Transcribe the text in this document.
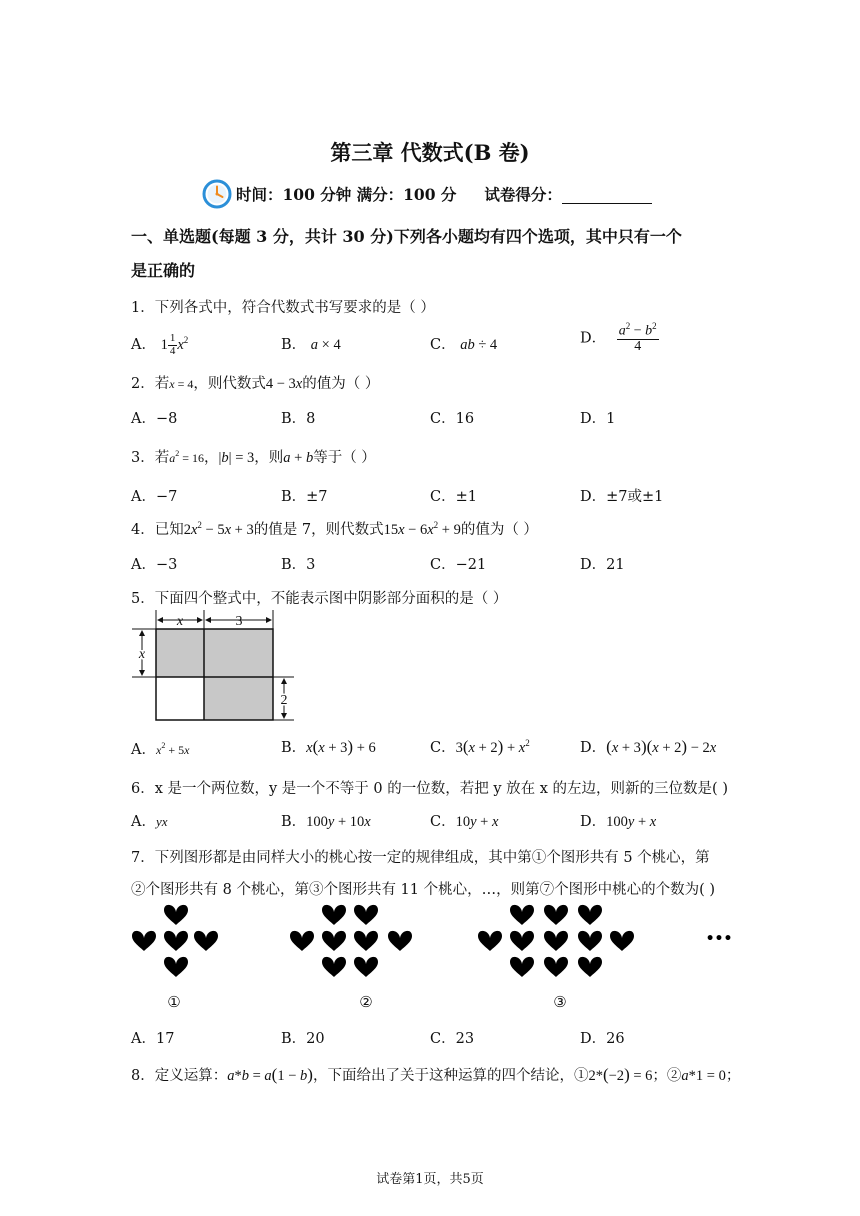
第三章 代数式(B 卷)
时间：100 分钟 满分：100 分 试卷得分：
一、单选题(每题 3 分，共计 30 分)下列各小题均有四个选项，其中只有一个
是正确的
1．下列各式中，符合代数式书写要求的是（ ）
A． $1 \frac{1}{4} x^2$	B． a × 4	C． ab ÷ 4	D． $\frac{a^2 - b^2}{4}$
2．若x = 4，则代数式4 − 3x的值为（ ）
A．−8	B．8	C．16	D．1
3．若$a^2 = 16$，|b| = 3，则a + b等于（ ）
A．−7	B．±7	C．±1	D．±7或±1
4．已知$2x^2 - 5x + 3$的值是 7，则代数式$15x - 6x^2 + 9$的值为（ ）
A．−3	B．3	C．−21	D．21
5．下面四个整式中，不能表示图中阴影部分面积的是（ ）
x	3
x
2
A．$x^2 + 5x$	B．x(x + 3) + 6	C．$3(x + 2) + x^2$	D．(x + 3)(x + 2) − 2x
6．x 是一个两位数，y 是一个不等于 0 的一位数，若把 y 放在 x 的左边，则新的三位数是( )
A．yx	B．100y + 10x	C．10y + x	D．100y + x
7．下列图形都是由同样大小的桃心按一定的规律组成，其中第①个图形共有 5 个桃心，第
②个图形共有 8 个桃心，第③个图形共有 11 个桃心，…，则第⑦个图形中桃心的个数为( )
•••
①	②	③
A．17	B．20	C．23	D．26
8．定义运算：a*b = a(1 − b)，下面给出了关于这种运算的四个结论，①2*(−2) = 6；②a*1 = 0；
试卷第1页，共5页
